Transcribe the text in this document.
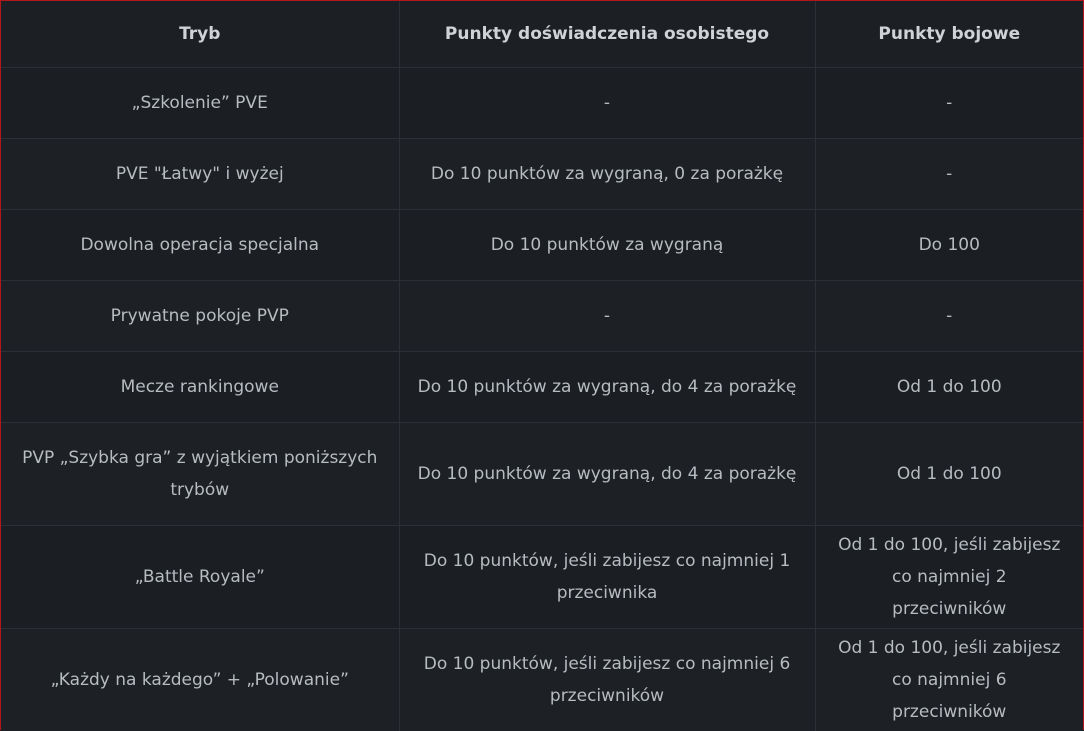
Tryb	Punkty doświadczenia osobistego	Punkty bojowe
„Szkolenie” PVE	-	-
PVE "Łatwy" i wyżej	Do 10 punktów za wygraną, 0 za porażkę	-
Dowolna operacja specjalna	Do 10 punktów za wygraną	Do 100
Prywatne pokoje PVP	-	-
Mecze rankingowe	Do 10 punktów za wygraną, do 4 za porażkę	Od 1 do 100
PVP „Szybka gra” z wyjątkiem poniższych trybów	Do 10 punktów za wygraną, do 4 za porażkę	Od 1 do 100
„Battle Royale”	Do 10 punktów, jeśli zabijesz co najmniej 1 przeciwnika	Od 1 do 100, jeśli zabijesz co najmniej 2 przeciwników
„Każdy na każdego” + „Polowanie”	Do 10 punktów, jeśli zabijesz co najmniej 6 przeciwników	Od 1 do 100, jeśli zabijesz co najmniej 6 przeciwników
